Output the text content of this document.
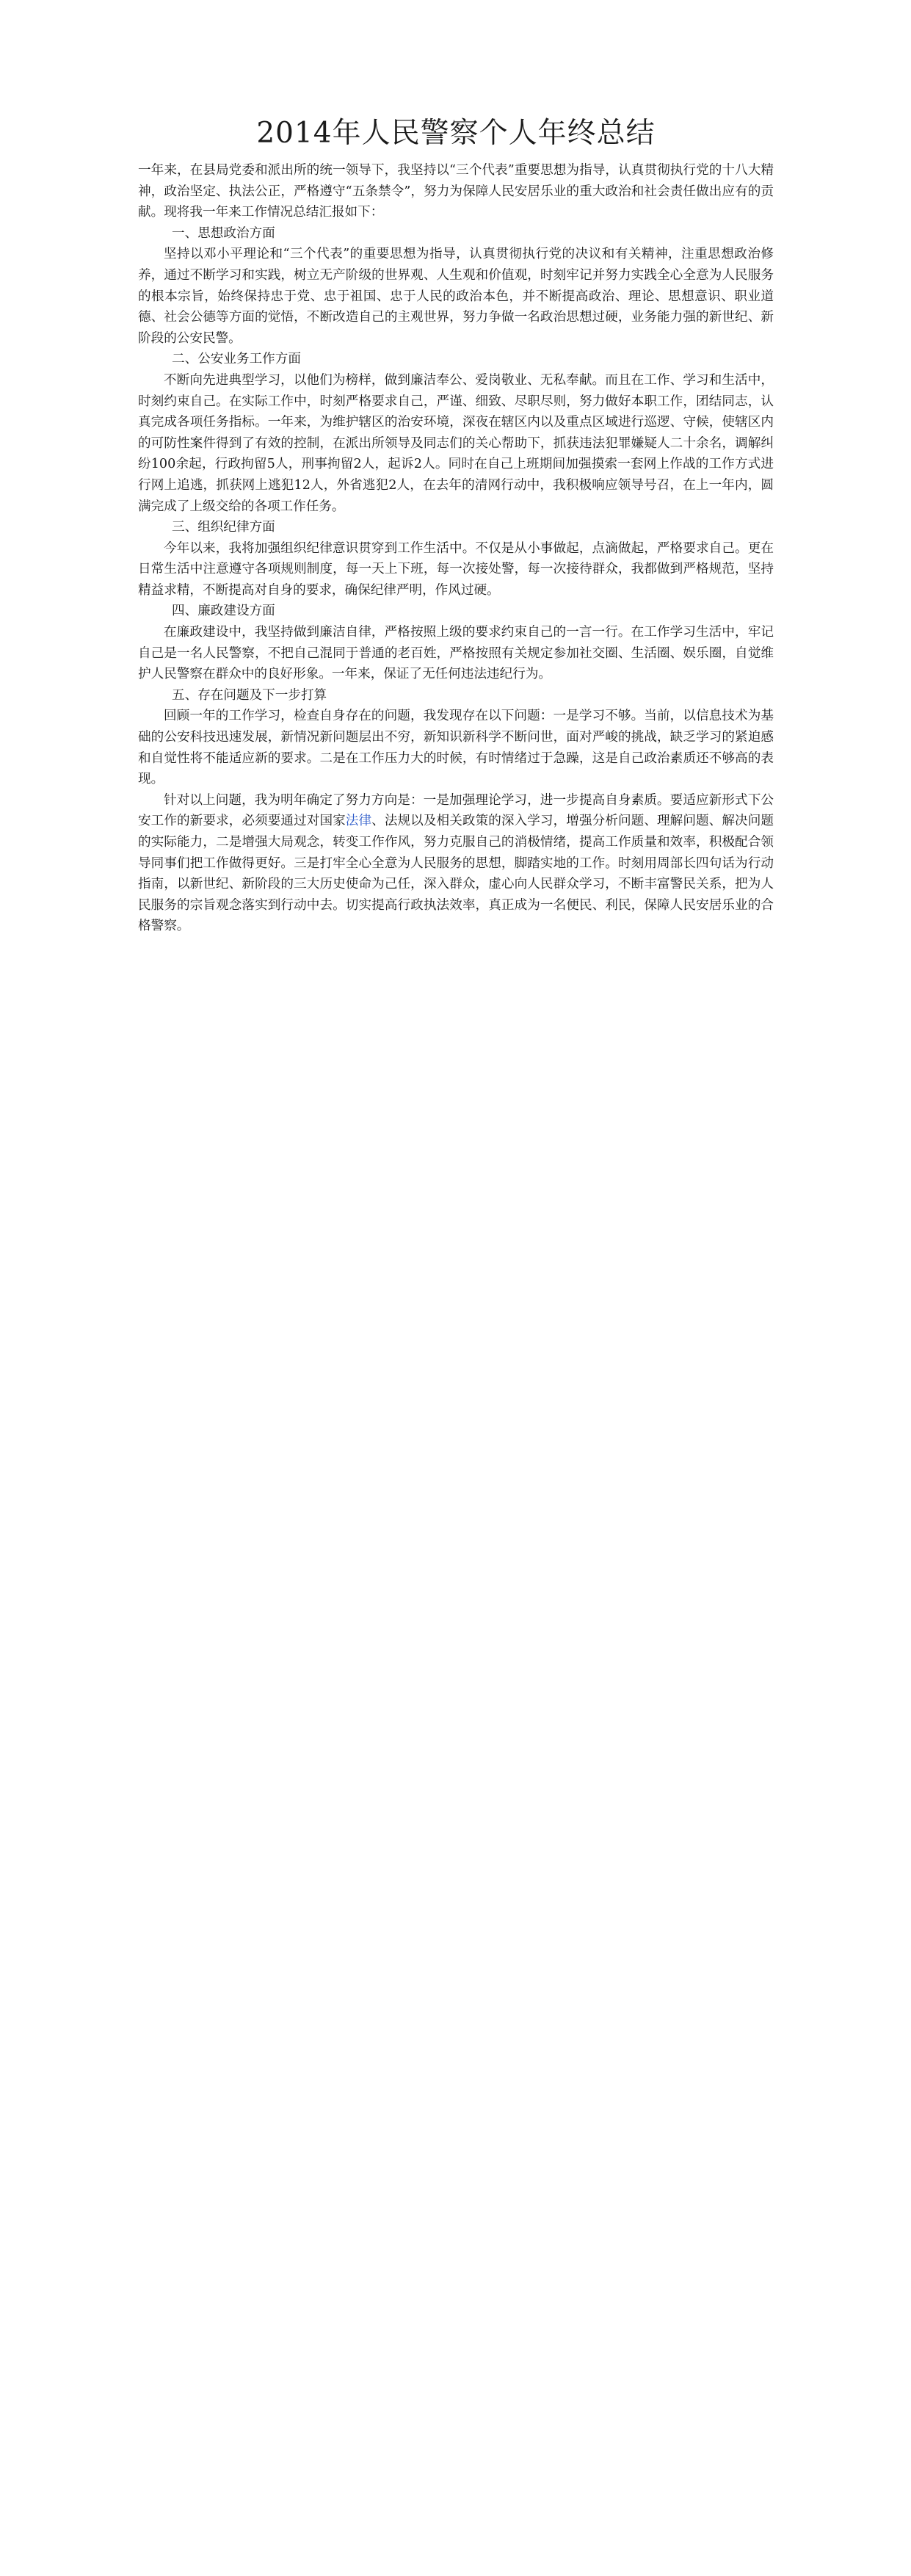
2014年人民警察个人年终总结

一年来，在县局党委和派出所的统一领导下，我坚持以“三个代表”重要思想为指导，认真贯彻执行党的十八大精神，政治坚定、执法公正，严格遵守“五条禁令”，努力为保障人民安居乐业的重大政治和社会责任做出应有的贡献。现将我一年来工作情况总结汇报如下：

一、思想政治方面

坚持以邓小平理论和“三个代表”的重要思想为指导，认真贯彻执行党的决议和有关精神，注重思想政治修养，通过不断学习和实践，树立无产阶级的世界观、人生观和价值观，时刻牢记并努力实践全心全意为人民服务的根本宗旨，始终保持忠于党、忠于祖国、忠于人民的政治本色，并不断提高政治、理论、思想意识、职业道德、社会公德等方面的觉悟，不断改造自己的主观世界，努力争做一名政治思想过硬，业务能力强的新世纪、新阶段的公安民警。

二、公安业务工作方面

不断向先进典型学习，以他们为榜样，做到廉洁奉公、爱岗敬业、无私奉献。而且在工作、学习和生活中，时刻约束自己。在实际工作中，时刻严格要求自己，严谨、细致、尽职尽则，努力做好本职工作，团结同志，认真完成各项任务指标。一年来，为维护辖区的治安环境，深夜在辖区内以及重点区域进行巡逻、守候，使辖区内的可防性案件得到了有效的控制，在派出所领导及同志们的关心帮助下，抓获违法犯罪嫌疑人二十余名，调解纠纷100余起，行政拘留5人，刑事拘留2人，起诉2人。同时在自己上班期间加强摸索一套网上作战的工作方式进行网上追逃，抓获网上逃犯12人，外省逃犯2人，在去年的清网行动中，我积极响应领导号召，在上一年内，圆满完成了上级交给的各项工作任务。

三、组织纪律方面

今年以来，我将加强组织纪律意识贯穿到工作生活中。不仅是从小事做起，点滴做起，严格要求自己。更在日常生活中注意遵守各项规则制度，每一天上下班，每一次接处警，每一次接待群众，我都做到严格规范，坚持精益求精，不断提高对自身的要求，确保纪律严明，作风过硬。

四、廉政建设方面

在廉政建设中，我坚持做到廉洁自律，严格按照上级的要求约束自己的一言一行。在工作学习生活中，牢记自己是一名人民警察，不把自己混同于普通的老百姓，严格按照有关规定参加社交圈、生活圈、娱乐圈，自觉维护人民警察在群众中的良好形象。一年来，保证了无任何违法违纪行为。

五、存在问题及下一步打算

回顾一年的工作学习，检查自身存在的问题，我发现存在以下问题：一是学习不够。当前，以信息技术为基础的公安科技迅速发展，新情况新问题层出不穷，新知识新科学不断问世，面对严峻的挑战，缺乏学习的紧迫感和自觉性将不能适应新的要求。二是在工作压力大的时候，有时情绪过于急躁，这是自己政治素质还不够高的表现。

针对以上问题，我为明年确定了努力方向是：一是加强理论学习，进一步提高自身素质。要适应新形式下公安工作的新要求，必须要通过对国家法律、法规以及相关政策的深入学习，增强分析问题、理解问题、解决问题的实际能力，二是增强大局观念，转变工作作风，努力克服自己的消极情绪，提高工作质量和效率，积极配合领导同事们把工作做得更好。三是打牢全心全意为人民服务的思想，脚踏实地的工作。时刻用周部长四句话为行动指南，以新世纪、新阶段的三大历史使命为己任，深入群众，虚心向人民群众学习，不断丰富警民关系，把为人民服务的宗旨观念落实到行动中去。切实提高行政执法效率，真正成为一名便民、利民，保障人民安居乐业的合格警察。
